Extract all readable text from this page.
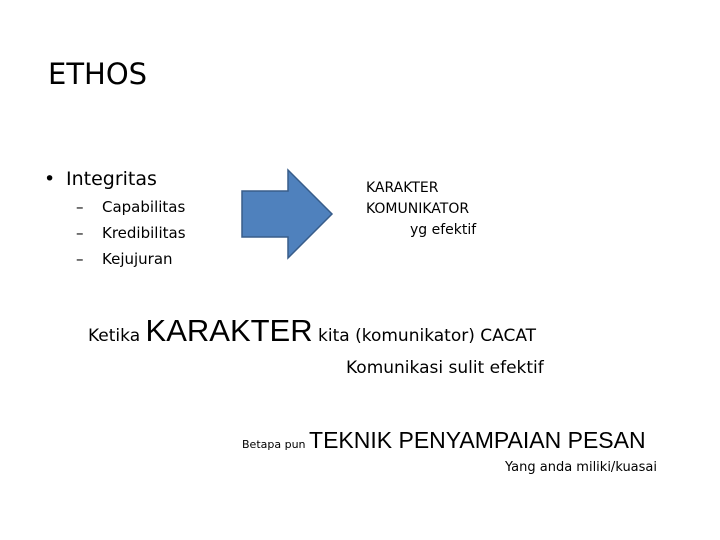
ETHOS
• Integritas
– Capabilitas
– Kredibilitas
– Kejujuran
KARAKTER
KOMUNIKATOR
yg efektif
Ketika KARAKTER kita (komunikator) CACAT
Komunikasi sulit efektif
Betapa pun TEKNIK PENYAMPAIAN PESAN
Yang anda miliki/kuasai
